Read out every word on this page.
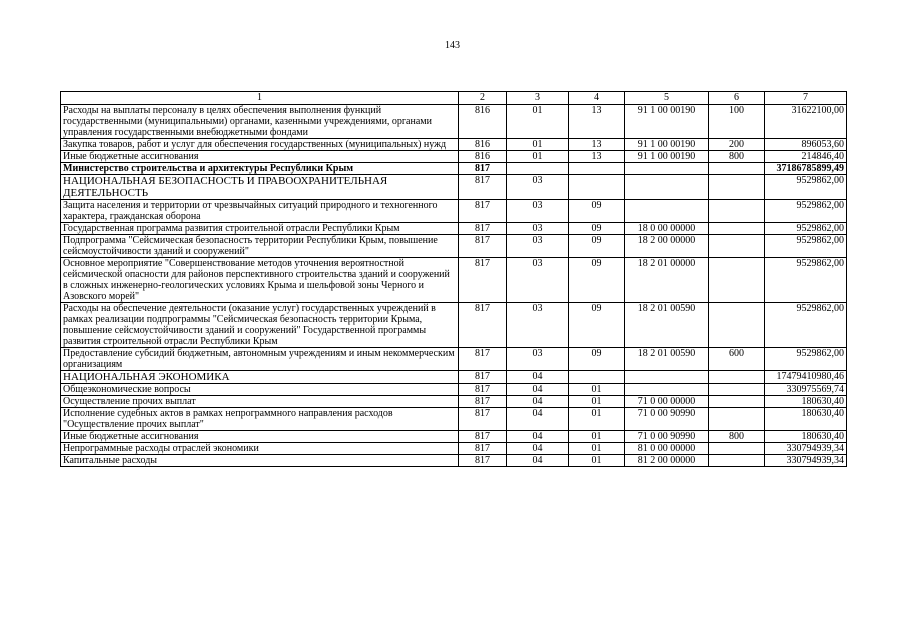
143
1	2	3	4	5	6	7
Расходы на выплаты персоналу в целях обеспечения выполнения функций государственными (муниципальными) органами, казенными учреждениями, органами управления государственными внебюджетными фондами	816	01	13	91 1 00 00190	100	31622100,00
Закупка товаров, работ и услуг для обеспечения государственных (муниципальных) нужд	816	01	13	91 1 00 00190	200	896053,60
Иные бюджетные ассигнования	816	01	13	91 1 00 00190	800	214846,40
Министерство строительства и архитектуры Республики Крым	817					37186785899,49
НАЦИОНАЛЬНАЯ БЕЗОПАСНОСТЬ И ПРАВООХРАНИТЕЛЬНАЯ ДЕЯТЕЛЬНОСТЬ	817	03				9529862,00
Защита населения и территории от чрезвычайных ситуаций природного и техногенного характера, гражданская оборона	817	03	09			9529862,00
Государственная программа развития строительной отрасли Республики Крым	817	03	09	18 0 00 00000		9529862,00
Подпрограмма "Сейсмическая безопасность территории Республики Крым, повышение сейсмоустойчивости зданий и сооружений"	817	03	09	18 2 00 00000		9529862,00
Основное мероприятие "Совершенствование методов уточнения вероятностной сейсмической опасности для районов перспективного строительства зданий и сооружений в сложных инженерно-геологических условиях Крыма и шельфовой зоны Черного и Азовского морей"	817	03	09	18 2 01 00000		9529862,00
Расходы на обеспечение деятельности (оказание услуг) государственных учреждений в рамках реализации подпрограммы "Сейсмическая безопасность территории Крыма, повышение сейсмоустойчивости зданий и сооружений" Государственной программы развития строительной отрасли Республики Крым	817	03	09	18 2 01 00590		9529862,00
Предоставление субсидий бюджетным, автономным учреждениям и иным некоммерческим организациям	817	03	09	18 2 01 00590	600	9529862,00
НАЦИОНАЛЬНАЯ ЭКОНОМИКА	817	04				17479410980,46
Общеэкономические вопросы	817	04	01			330975569,74
Осуществление прочих выплат	817	04	01	71 0 00 00000		180630,40
Исполнение судебных актов в рамках непрограммного направления расходов "Осуществление прочих выплат"	817	04	01	71 0 00 90990		180630,40
Иные бюджетные ассигнования	817	04	01	71 0 00 90990	800	180630,40
Непрограммные расходы отраслей экономики	817	04	01	81 0 00 00000		330794939,34
Капитальные расходы	817	04	01	81 2 00 00000		330794939,34
